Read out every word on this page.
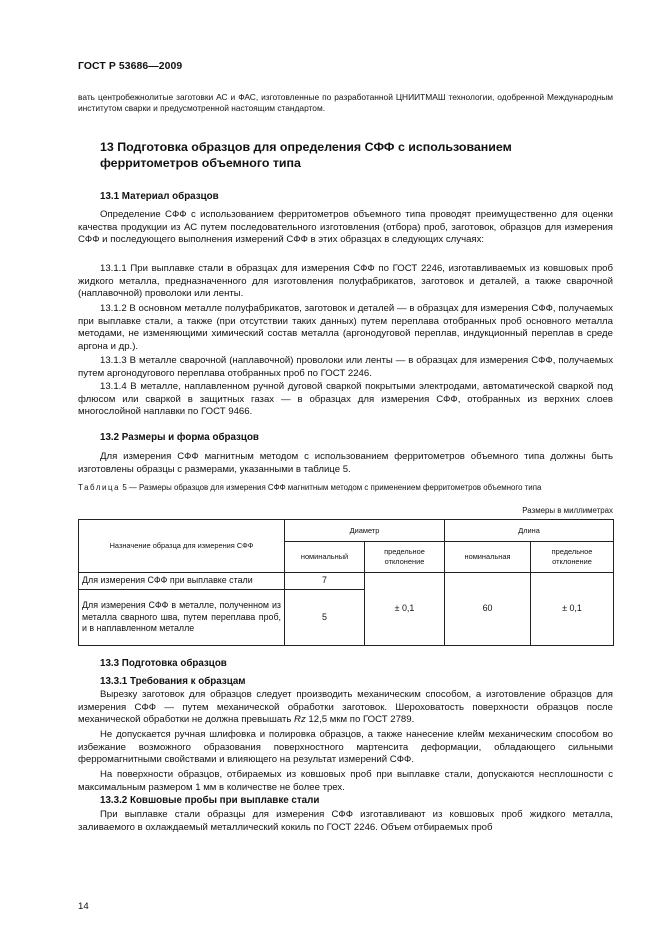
ГОСТ Р 53686—2009

вать центробежнолитые заготовки АС и ФАС, изготовленные по разработанной ЦНИИТМАШ технологии, одобренной Международным институтом сварки и предусмотренной настоящим стандартом.

13 Подготовка образцов для определения СФФ с использованием ферритометров объемного типа
13.1 Материал образцов

Определение СФФ с использованием ферритометров объемного типа проводят преимущественно для оценки качества продукции из АС путем последовательного изготовления (отбора) проб, заготовок, образцов для измерения СФФ и последующего выполнения измерений СФФ в этих образцах в следующих случаях:

13.1.1 При выплавке стали в образцах для измерения СФФ по ГОСТ 2246, изготавливаемых из ковшовых проб жидкого металла, предназначенного для изготовления полуфабрикатов, заготовок и деталей, а также сварочной (наплавочной) проволоки или ленты.

13.1.2 В основном металле полуфабрикатов, заготовок и деталей — в образцах для измерения СФФ, получаемых при выплавке стали, а также (при отсутствии таких данных) путем переплава отобранных проб основного металла методами, не изменяющими химический состав металла (аргонодуговой переплав, индукционный переплав в среде аргона и др.).

13.1.3 В металле сварочной (наплавочной) проволоки или ленты — в образцах для измерения СФФ, получаемых путем аргонодугового переплава отобранных проб по ГОСТ 2246.

13.1.4 В металле, наплавленном ручной дуговой сваркой покрытыми электродами, автоматической сваркой под флюсом или сваркой в защитных газах — в образцах для измерения СФФ, отобранных из верхних слоев многослойной наплавки по ГОСТ 9466.

13.2 Размеры и форма образцов

Для измерения СФФ магнитным методом с использованием ферритометров объемного типа должны быть изготовлены образцы с размерами, указанными в таблице 5.

Таблица 5 — Размеры образцов для измерения СФФ магнитным методом с применением ферритометров объемного типа
Размеры в миллиметрах
Назначение образца для измерения СФФ	Диаметр		Длина	
	номинальный	предельное отклонение	номинальная	предельное отклонение
Для измерения СФФ при выплавке стали	7	± 0,1	60	± 0,1
Для измерения СФФ в металле, полученном из металла сварного шва, путем переплава проб, и в наплавленном металле	5			
13.3 Подготовка образцов
13.3.1 Требования к образцам

Вырезку заготовок для образцов следует производить механическим способом, а изготовление образцов для измерения СФФ — путем механической обработки заготовок. Шероховатость поверхности образцов после механической обработки не должна превышать Rz 12,5 мкм по ГОСТ 2789.

Не допускается ручная шлифовка и полировка образцов, а также нанесение клейм механическим способом во избежание возможного образования поверхностного мартенсита деформации, обладающего сильными ферромагнитными свойствами и влияющего на результат измерений СФФ.

На поверхности образцов, отбираемых из ковшовых проб при выплавке стали, допускаются несплошности с максимальным размером 1 мм в количестве не более трех.

13.3.2 Ковшовые пробы при выплавке стали

При выплавке стали образцы для измерения СФФ изготавливают из ковшовых проб жидкого металла, заливаемого в охлаждаемый металлический кокиль по ГОСТ 2246. Объем отбираемых проб

14
